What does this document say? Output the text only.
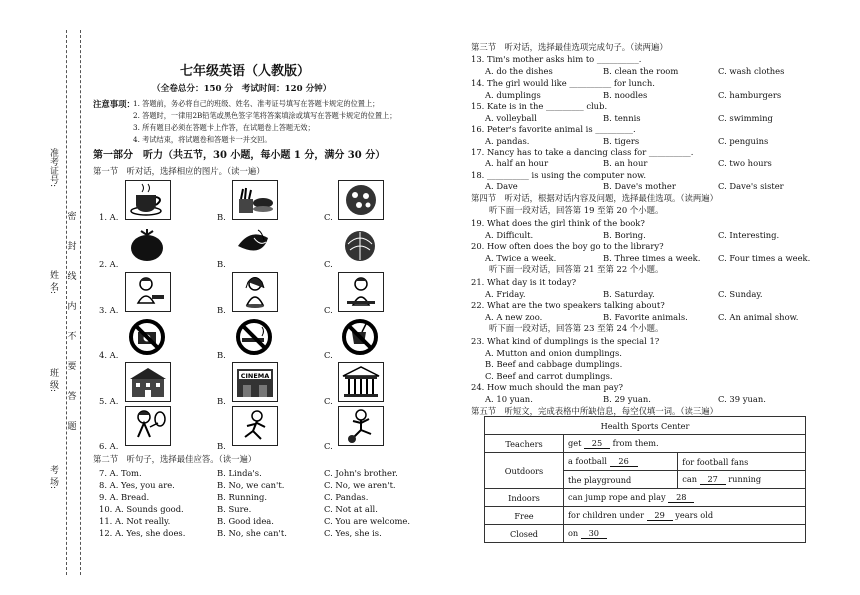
准考证号:
姓 名:
班 级:
考 场:
密
封
线
内
不
要
答
题
七年级英语（人教版）
（全卷总分：150 分　考试时间：120 分钟）
注意事项：
1. 答题前，务必将自己的班级、姓名、准考证号填写在答题卡规定的位置上；
2. 答题时，一律用2B铅笔或黑色签字笔将答案填涂或填写在答题卡规定的位置上；
3. 所有题目必须在答题卡上作答，在试题卷上答题无效；
4. 考试结束，将试题卷和答题卡一并交回。
第一部分　听力（共五节，30 小题，每小题 1 分，满分 30 分）
第一节　听对话，选择相应的图片。（读一遍）
1. A.	B.	C.
2. A.	B.	C.
3. A.	B.	C.
4. A.	B.	C.
5. A.	B.	C.
CINEMA
6. A.	B.	C.
第二节　听句子，选择最佳应答。（读一遍）
7. A. Tom.	B. Linda's.	C. John's brother.
8. A. Yes, you are.	B. No, we can't.	C. No, we aren't.
9. A. Bread.	B. Running.	C. Pandas.
10. A. Sounds good.	B. Sure.	C. Not at all.
11. A. Not really.	B. Good idea.	C. You are welcome.
12. A. Yes, she does.	B. No, she can't.	C. Yes, she is.
第三节　听对话，选择最佳选项完成句子。（读两遍）
13. Tim's mother asks him to __________.
A. do the dishes	B. clean the room	C. wash clothes
14. The girl would like __________ for lunch.
A. dumplings	B. noodles	C. hamburgers
15. Kate is in the _________ club.
A. volleyball	B. tennis	C. swimming
16. Peter's favorite animal is _________.
A. pandas.	B. tigers	C. penguins
17. Nancy has to take a dancing class for __________.
A. half an hour	B. an hour	C. two hours
18. __________ is using the computer now.
A. Dave	B. Dave's mother	C. Dave's sister
第四节　听对话，根据对话内容及问题，选择最佳选项。（读两遍）
听下面一段对话，回答第 19 至第 20 个小题。
19. What does the girl think of the book?
A. Difficult.	B. Boring.	C. Interesting.
20. How often does the boy go to the library?
A. Twice a week.	B. Three times a week. C. Four times a week.
听下面一段对话，回答第 21 至第 22 个小题。
21. What day is it today?
A. Friday.	B. Saturday.	C. Sunday.
22. What are the two speakers talking about?
A. A new zoo.	B. Favorite animals.	C. An animal show.
听下面一段对话，回答第 23 至第 24 个小题。
23. What kind of dumplings is the special 1?
A. Mutton and onion dumplings.
B. Beef and cabbage dumplings.
C. Beef and carrot dumplings.
24. How much should the man pay?
A. 10 yuan.	B. 29 yuan.	C. 39 yuan.
第五节　听短文，完成表格中所缺信息，每空仅填一词。（读三遍）
Health Sports Center		
Teachers	get 25 from them.	
Outdoors	a football 26	for football fans
	the playground	can 27 running
Indoors	can jump rope and play 28	
Free	for children under 29 years old	
Closed	on 30	
